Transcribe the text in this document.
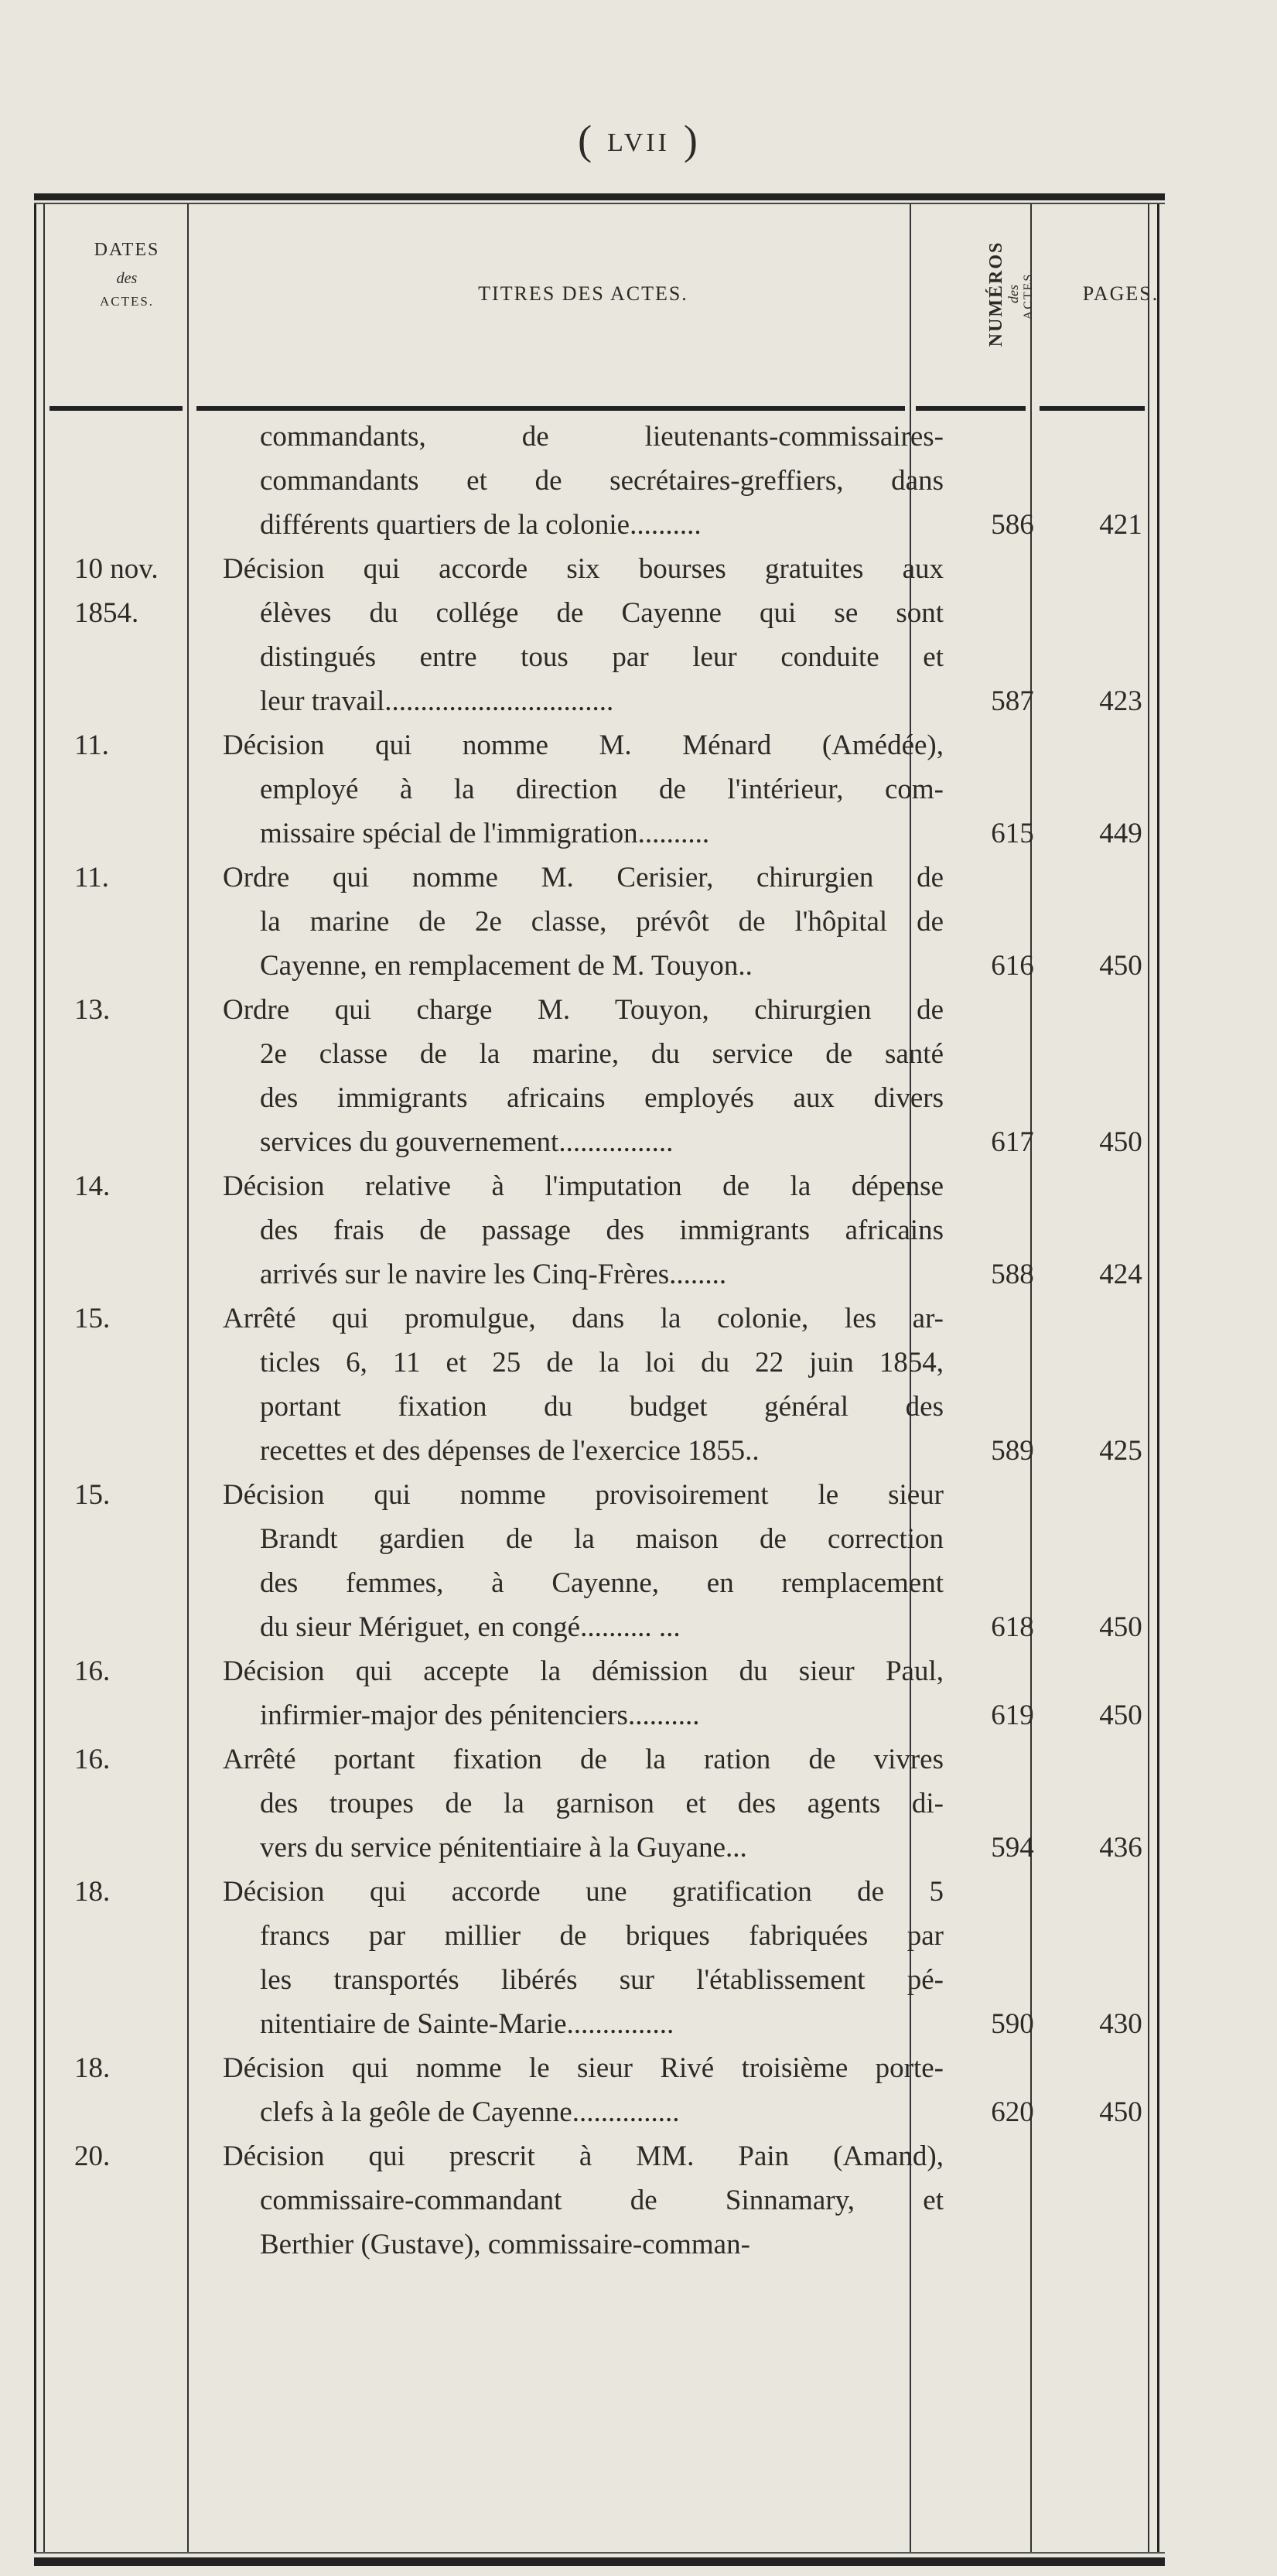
( LVII )
DATES
des
ACTES.	TITRES DES ACTES.	NUMÉROS des ACTES.	PAGES.
commandants, de lieutenants-commissaires-
commandants et de secrétaires-greffiers, dans
différents quartiers de la colonie..........	586	421
10 nov.
1854.
Décision qui accorde six bourses gratuites aux
élèves du collége de Cayenne qui se sont
distingués entre tous par leur conduite et
leur travail................................	587	423
11.	Décision qui nomme M. Ménard (Amédée),
employé à la direction de l'intérieur, com-
missaire spécial de l'immigration..........	615	449
11.	Ordre qui nomme M. Cerisier, chirurgien de
la marine de 2e classe, prévôt de l'hôpital de
Cayenne, en remplacement de M. Touyon..	616	450
13.	Ordre qui charge M. Touyon, chirurgien de
2e classe de la marine, du service de santé
des immigrants africains employés aux divers
services du gouvernement................	617	450
14.	Décision relative à l'imputation de la dépense
des frais de passage des immigrants africains
arrivés sur le navire les Cinq-Frères........	588	424
15.	Arrêté qui promulgue, dans la colonie, les ar-
ticles 6, 11 et 25 de la loi du 22 juin 1854,
portant fixation du budget général des
recettes et des dépenses de l'exercice 1855..	589	425
15.	Décision qui nomme provisoirement le sieur
Brandt gardien de la maison de correction
des femmes, à Cayenne, en remplacement
du sieur Mériguet, en congé.......... ...	618	450
16.	Décision qui accepte la démission du sieur Paul,
infirmier-major des pénitenciers..........	619	450
16.	Arrêté portant fixation de la ration de vivres
des troupes de la garnison et des agents di-
vers du service pénitentiaire à la Guyane...	594	436
18.	Décision qui accorde une gratification de 5
francs par millier de briques fabriquées par
les transportés libérés sur l'établissement pé-
nitentiaire de Sainte-Marie...............	590	430
18.	Décision qui nomme le sieur Rivé troisième porte-
clefs à la geôle de Cayenne...............	620	450
20.	Décision qui prescrit à MM. Pain (Amand),
commissaire-commandant de Sinnamary, et
Berthier (Gustave), commissaire-comman-
